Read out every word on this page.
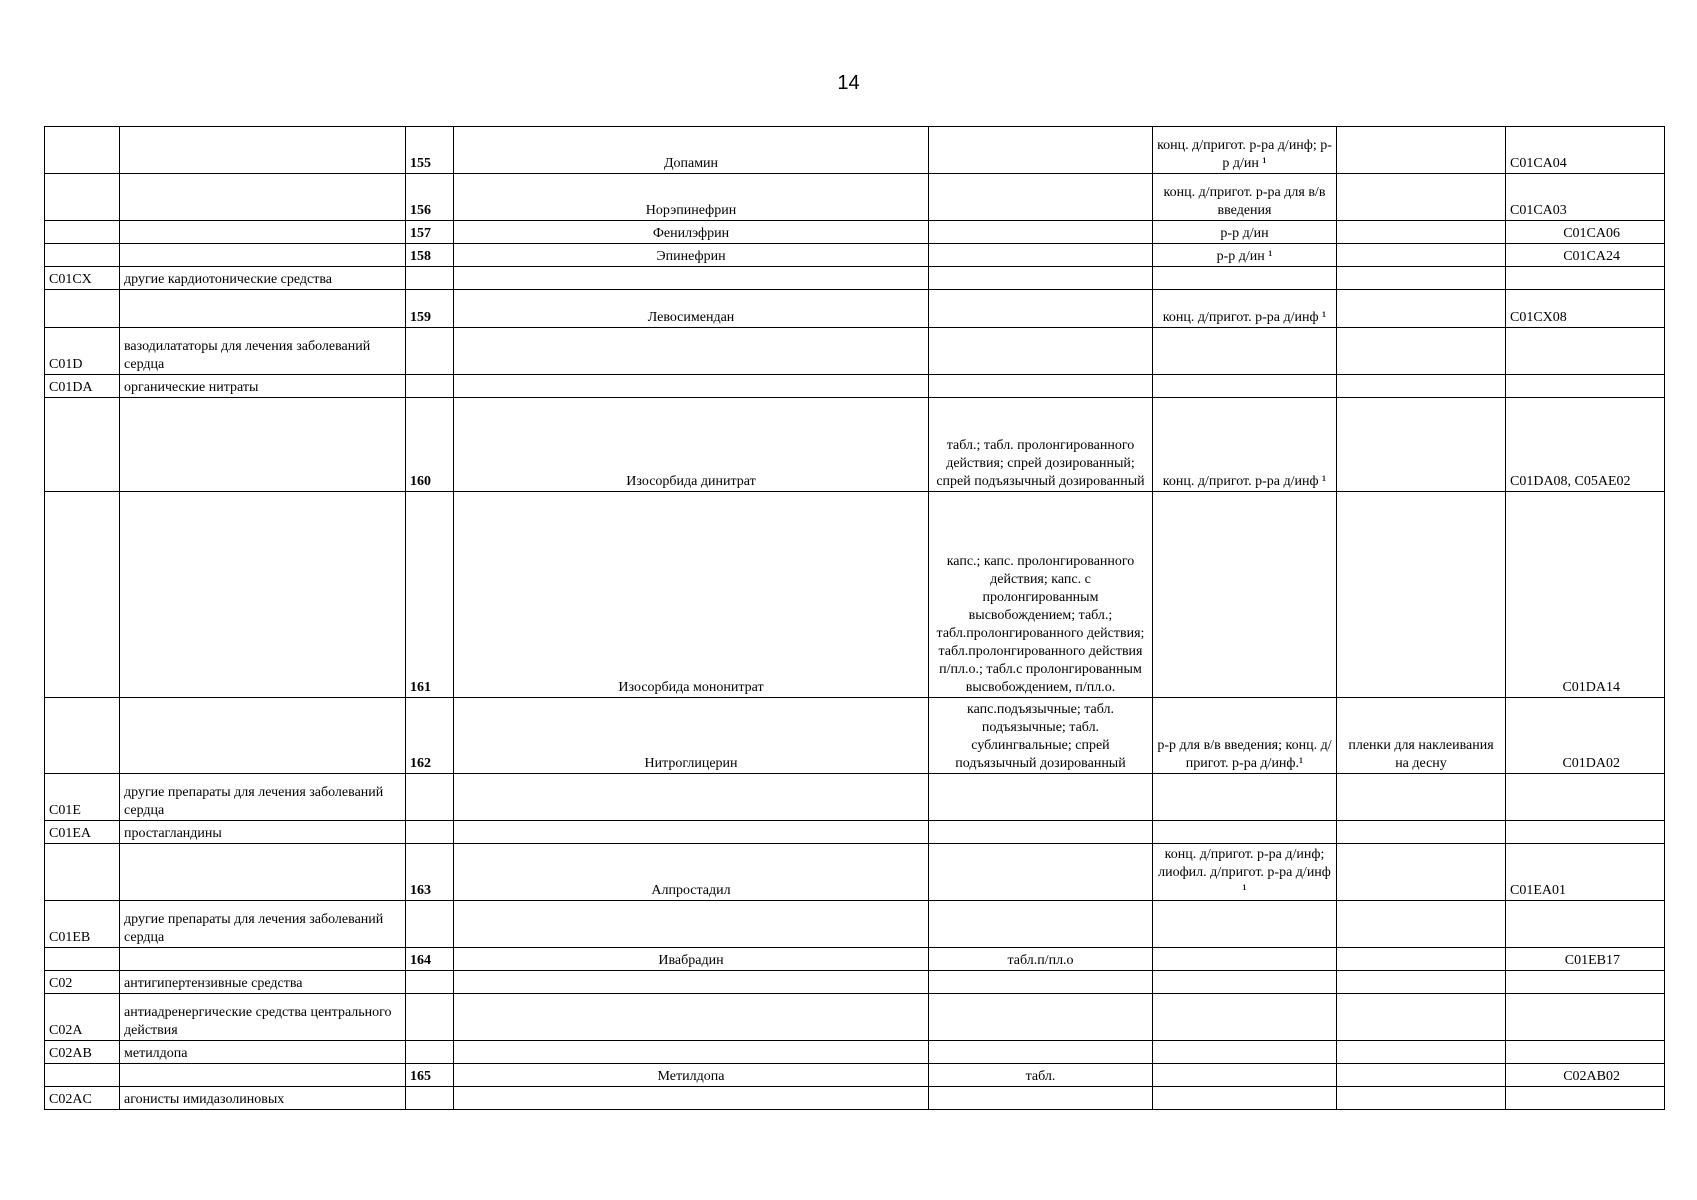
14
		155	Допамин		конц. д/пригот. р-ра д/инф; р-р д/ин ¹		C01CA04
		156	Норэпинефрин		конц. д/пригот. р-ра для в/в введения		C01CA03
		157	Фенилэфрин		р-р д/ин		C01CA06
		158	Эпинефрин		р-р д/ин ¹		C01CA24
C01CX	другие кардиотонические средства						
		159	Левосимендан		конц. д/пригот. р-ра д/инф ¹		C01CX08
C01D	вазодилататоры для лечения заболеваний сердца						
C01DA	органические нитраты						
		160	Изосорбида динитрат	табл.; табл. пролонгированного действия; спрей дозированный; спрей подъязычный дозированный	конц. д/пригот. р-ра д/инф ¹		C01DA08, C05AE02
		161	Изосорбида мононитрат	капс.; капс. пролонгированного действия; капс. с пролонгированным высвобождением; табл.; табл.пролонгированного действия; табл.пролонгированного действия п/пл.о.; табл.с пролонгированным высвобождением, п/пл.о.			C01DA14
		162	Нитроглицерин	капс.подъязычные; табл. подъязычные; табл. сублингвальные; спрей подъязычный дозированный	р-р для в/в введения; конц. д/пригот. р-ра д/инф.¹	пленки для наклеивания на десну	C01DA02
C01E	другие препараты для лечения заболеваний сердца						
C01EA	простагландины						
		163	Алпростадил		конц. д/пригот. р-ра д/инф; лиофил. д/пригот. р-ра д/инф ¹		C01EA01
C01EB	другие препараты для лечения заболеваний сердца						
		164	Ивабрадин	табл.п/пл.о			C01EB17
C02	антигипертензивные средства						
C02A	антиадренергические средства центрального действия						
C02AB	метилдопа						
		165	Метилдопа	табл.			C02AB02
C02AC	агонисты имидазолиновых						
